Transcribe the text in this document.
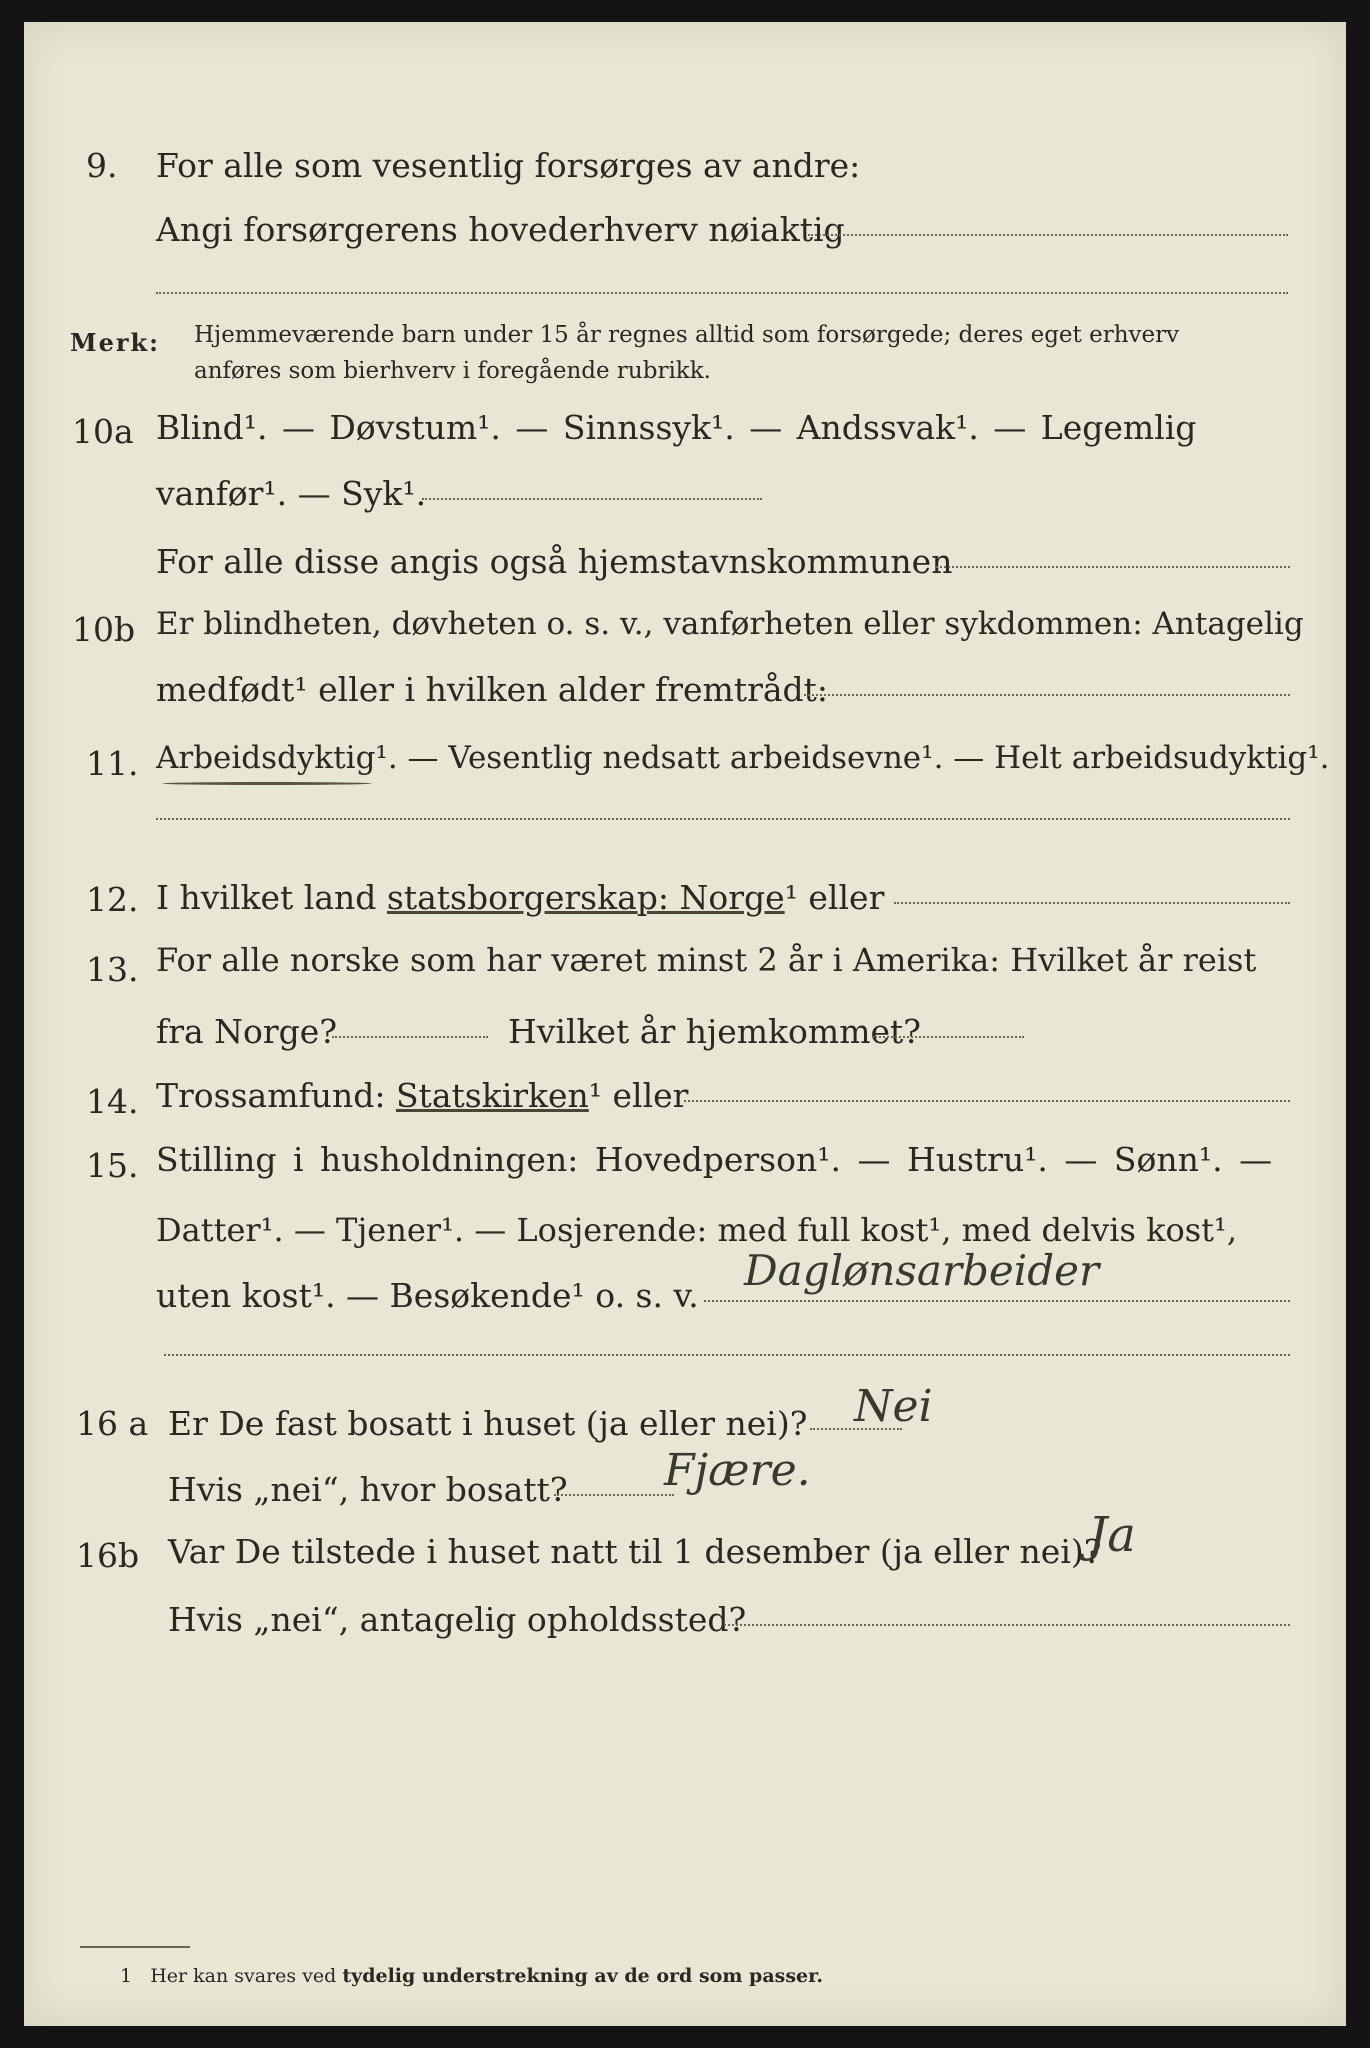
9. For alle som vesentlig forsørges av andre:
Angi forsørgerens hovederhverv nøiaktig
Merk: Hjemmeværende barn under 15 år regnes alltid som forsørgede; deres eget erhverv
anføres som bierhverv i foregående rubrikk.
10a Blind¹. — Døvstum¹. — Sinnssyk¹. — Andssvak¹. — Legemlig
vanfør¹. — Syk¹.
For alle disse angis også hjemstavnskommunen
10b Er blindheten, døvheten o. s. v., vanførheten eller sykdommen: Antagelig
medfødt¹ eller i hvilken alder fremtrådt:
11. Arbeidsdyktig¹. — Vesentlig nedsatt arbeidsevne¹. — Helt arbeidsudyktig¹.
12. I hvilket land statsborgerskap: Norge¹ eller
13. For alle norske som har været minst 2 år i Amerika: Hvilket år reist
fra Norge?	Hvilket år hjemkommet?
14. Trossamfund: Statskirken¹ eller
15. Stilling i husholdningen: Hovedperson¹. — Hustru¹. — Sønn¹. —
Datter¹. — Tjener¹. — Losjerende: med full kost¹, med delvis kost¹,
uten kost¹. — Besøkende¹ o. s. v.
Daglønsarbeider
16 a Er De fast bosatt i huset (ja eller nei)? Nei
Hvis „nei“, hvor bosatt? Fjære.
16b Var De tilstede i huset natt til 1 desember (ja eller nei)?
Ja
Hvis „nei“, antagelig opholdssted?
1 Her kan svares ved tydelig understrekning av de ord som passer.
